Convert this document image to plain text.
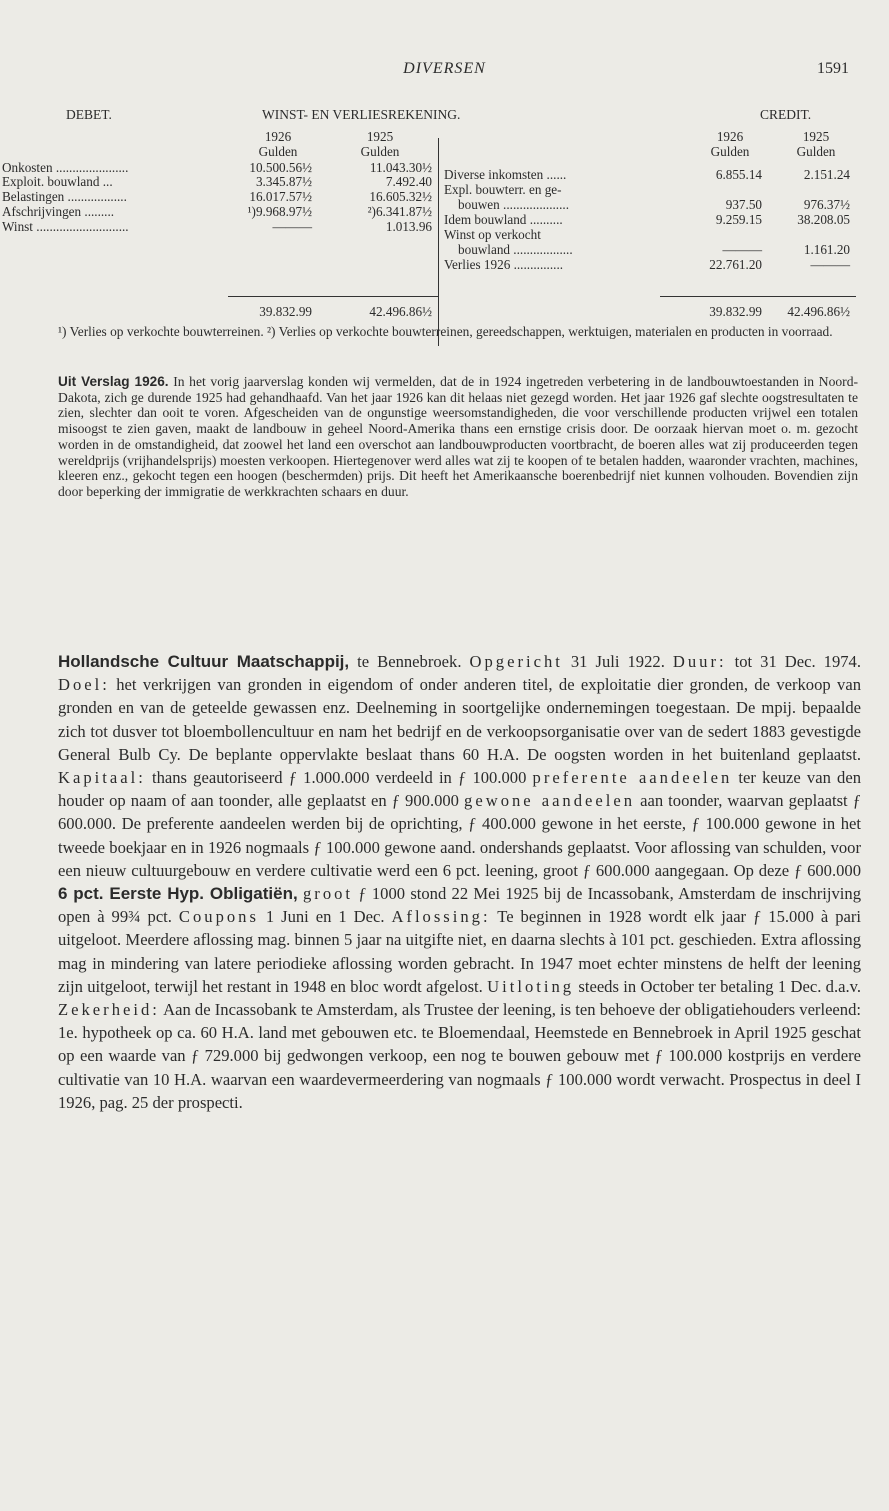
DIVERSEN	1591
DEBET.	WINST- EN VERLIESREKENING.	CREDIT.
1926	1925
Gulden	Gulden
1926	1925
Gulden	Gulden
Onkosten ......................	10.500.56½	11.043.30½
Exploit. bouwland ...	3.345.87½	7.492.40
Belastingen ..................	16.017.57½	16.605.32½
Afschrijvingen .........	¹)9.968.97½	²)6.341.87½
Winst ............................	———	1.013.96
Diverse inkomsten ......	6.855.14	2.151.24
Expl. bouwterr. en ge-
bouwen ....................	937.50	976.37½
Idem bouwland ..........	9.259.15	38.208.05
Winst op verkocht
bouwland ..................	———	1.161.20
Verlies 1926 ...............	22.761.20	———
39.832.99	42.496.86½	39.832.99	42.496.86½
¹) Verlies op verkochte bouwterreinen. ²) Verlies op verkochte bouwterreinen, gereedschappen, werktuigen, materialen en producten in voorraad.
Uit Verslag 1926. In het vorig jaarverslag konden wij vermelden, dat de in 1924 ingetreden verbetering in de landbouwtoestanden in Noord-Dakota, zich ge durende 1925 had gehandhaafd. Van het jaar 1926 kan dit helaas niet gezegd worden. Het jaar 1926 gaf slechte oogstresultaten te zien, slechter dan ooit te voren. Afgescheiden van de ongunstige weersomstandigheden, die voor verschillende producten vrijwel een totalen misoogst te zien gaven, maakt de landbouw in geheel Noord-Amerika thans een ernstige crisis door. De oorzaak hiervan moet o. m. gezocht worden in de omstandigheid, dat zoowel het land een overschot aan landbouwproducten voortbracht, de boeren alles wat zij produceerden tegen wereldprijs (vrijhandelsprijs) moesten verkoopen. Hiertegenover werd alles wat zij te koopen of te betalen hadden, waaronder vrachten, machines, kleeren enz., gekocht tegen een hoogen (beschermden) prijs. Dit heeft het Amerikaansche boerenbedrijf niet kunnen volhouden. Bovendien zijn door beperking der immigratie de werkkrachten schaars en duur.
Hollandsche Cultuur Maatschappij, te Bennebroek. Opgericht 31 Juli 1922. Duur: tot 31 Dec. 1974. Doel: het verkrijgen van gronden in eigendom of onder anderen titel, de exploitatie dier gronden, de verkoop van gronden en van de geteelde gewassen enz. Deelneming in soortgelijke ondernemingen toegestaan. De mpij. bepaalde zich tot dusver tot bloembollencultuur en nam het bedrijf en de verkoopsorganisatie over van de sedert 1883 gevestigde General Bulb Cy. De beplante oppervlakte beslaat thans 60 H.A. De oogsten worden in het buitenland geplaatst. Kapitaal: thans geautoriseerd ƒ 1.000.000 verdeeld in ƒ 100.000 preferente aandeelen ter keuze van den houder op naam of aan toonder, alle geplaatst en ƒ 900.000 gewone aandeelen aan toonder, waarvan geplaatst ƒ 600.000. De preferente aandeelen werden bij de oprichting, ƒ 400.000 gewone in het eerste, ƒ 100.000 gewone in het tweede boekjaar en in 1926 nogmaals ƒ 100.000 gewone aand. ondershands geplaatst. Voor aflossing van schulden, voor een nieuw cultuurgebouw en verdere cultivatie werd een 6 pct. leening, groot ƒ 600.000 aangegaan. Op deze ƒ 600.000 6 pct. Eerste Hyp. Obligatiën, groot ƒ 1000 stond 22 Mei 1925 bij de Incassobank, Amsterdam de inschrijving open à 99¾ pct. Coupons 1 Juni en 1 Dec. Aflossing: Te beginnen in 1928 wordt elk jaar ƒ 15.000 à pari uitgeloot. Meerdere aflossing mag. binnen 5 jaar na uitgifte niet, en daarna slechts à 101 pct. geschieden. Extra aflossing mag in mindering van latere periodieke aflossing worden gebracht. In 1947 moet echter minstens de helft der leening zijn uitgeloot, terwijl het restant in 1948 en bloc wordt afgelost. Uitloting steeds in October ter betaling 1 Dec. d.a.v. Zekerheid: Aan de Incassobank te Amsterdam, als Trustee der leening, is ten behoeve der obligatiehouders verleend: 1e. hypotheek op ca. 60 H.A. land met gebouwen etc. te Bloemendaal, Heemstede en Bennebroek in April 1925 geschat op een waarde van ƒ 729.000 bij gedwongen verkoop, een nog te bouwen gebouw met ƒ 100.000 kostprijs en verdere cultivatie van 10 H.A. waarvan een waardevermeerdering van nogmaals ƒ 100.000 wordt verwacht. Prospectus in deel I 1926, pag. 25 der prospecti.
